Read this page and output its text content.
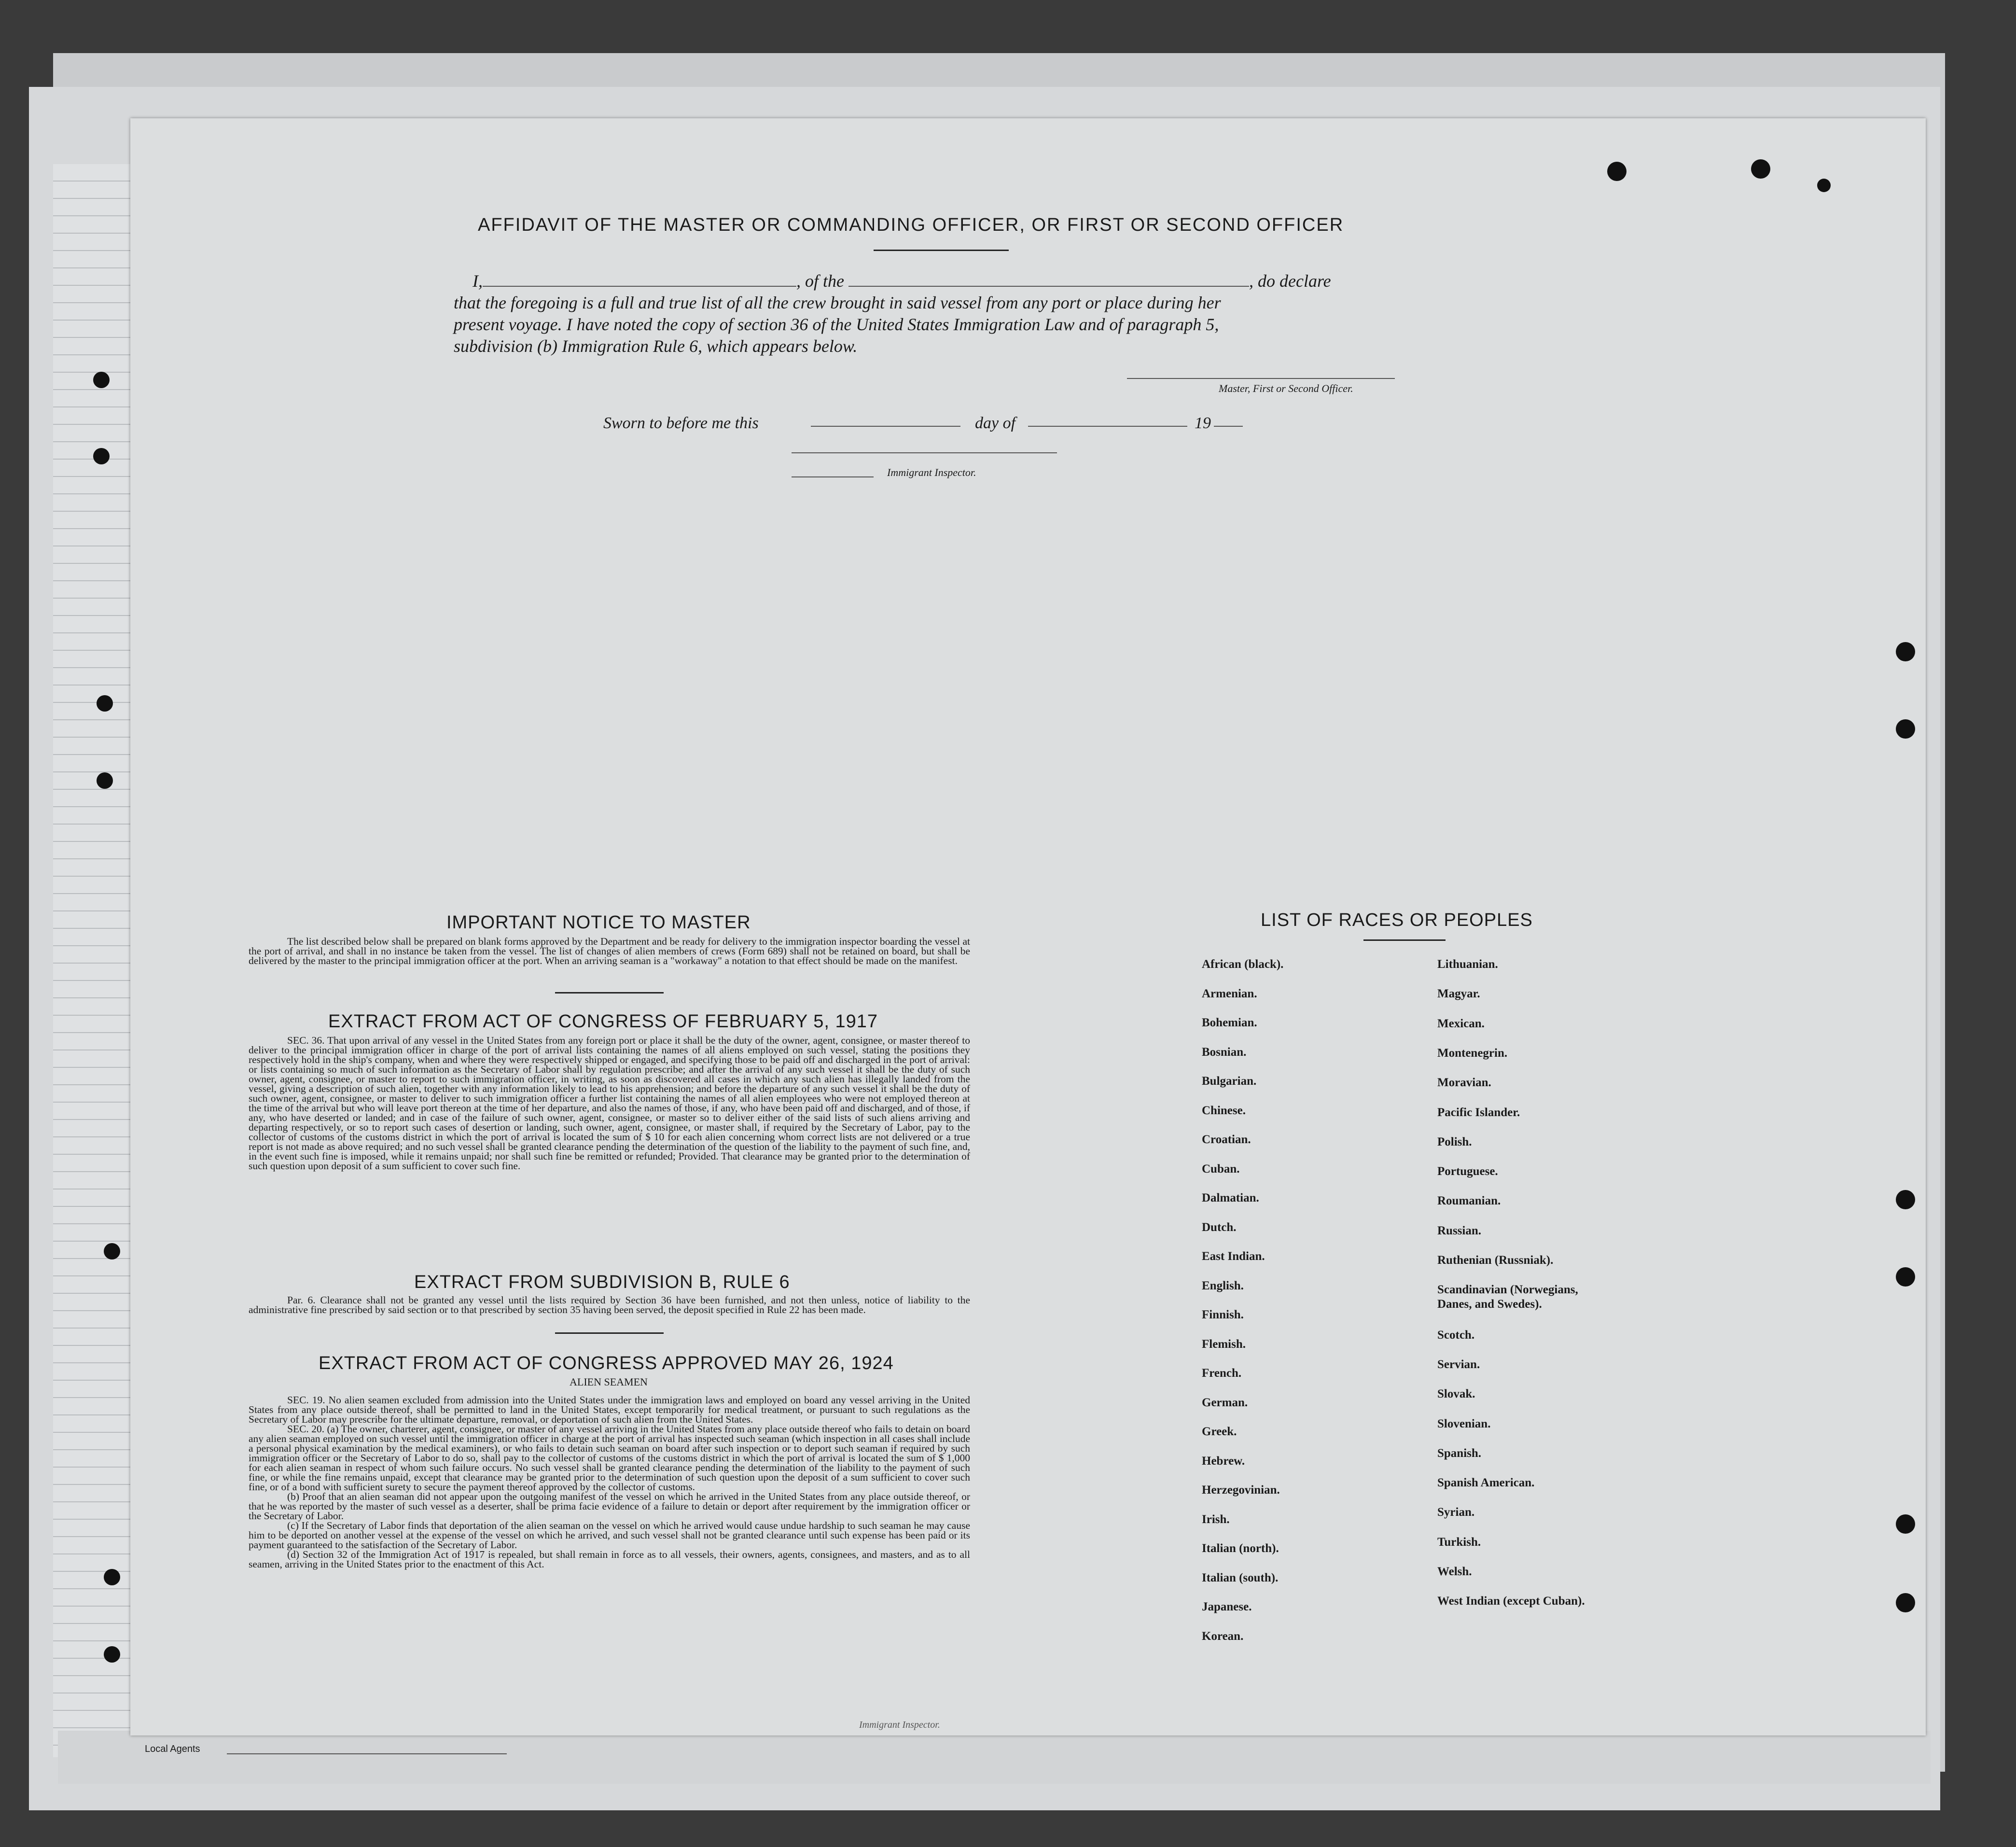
Local Agents
AFFIDAVIT OF THE MASTER OR COMMANDING OFFICER, OR FIRST OR SECOND OFFICER

I,	, of the	, do declare

that the foregoing is a full and true list of all the crew brought in said vessel from any port or place during her

present voyage. I have noted the copy of section 36 of the United States Immigration Law and of paragraph 5,

subdivision (b) Immigration Rule 6, which appears below.

Master, First or Second Officer.
Sworn to before me this	day of	19
Immigrant Inspector.
IMPORTANT NOTICE TO MASTER
The list described below shall be prepared on blank forms approved by the Department and be ready for delivery to the immigration inspector boarding the vessel at the port of arrival, and shall in no instance be taken from the vessel. The list of changes of alien members of crews (Form 689) shall not be retained on board, but shall be delivered by the master to the principal immigration officer at the port. When an arriving seaman is a "workaway" a notation to that effect should be made on the manifest.
EXTRACT FROM ACT OF CONGRESS OF FEBRUARY 5, 1917
SEC. 36. That upon arrival of any vessel in the United States from any foreign port or place it shall be the duty of the owner, agent, consignee, or master thereof to deliver to the principal immigration officer in charge of the port of arrival lists containing the names of all aliens employed on such vessel, stating the positions they respectively hold in the ship's company, when and where they were respectively shipped or engaged, and specifying those to be paid off and discharged in the port of arrival: or lists containing so much of such information as the Secretary of Labor shall by regulation prescribe; and after the arrival of any such vessel it shall be the duty of such owner, agent, consignee, or master to report to such immigration officer, in writing, as soon as discovered all cases in which any such alien has illegally landed from the vessel, giving a description of such alien, together with any information likely to lead to his apprehension; and before the departure of any such vessel it shall be the duty of such owner, agent, consignee, or master to deliver to such immigration officer a further list containing the names of all alien employees who were not employed thereon at the time of the arrival but who will leave port thereon at the time of her departure, and also the names of those, if any, who have been paid off and discharged, and of those, if any, who have deserted or landed; and in case of the failure of such owner, agent, consignee, or master so to deliver either of the said lists of such aliens arriving and departing respectively, or so to report such cases of desertion or landing, such owner, agent, consignee, or master shall, if required by the Secretary of Labor, pay to the collector of customs of the customs district in which the port of arrival is located the sum of $ 10 for each alien concerning whom correct lists are not delivered or a true report is not made as above required; and no such vessel shall be granted clearance pending the determination of the question of the liability to the payment of such fine, and, in the event such fine is imposed, while it remains unpaid; nor shall such fine be remitted or refunded; Provided. That clearance may be granted prior to the determination of such question upon deposit of a sum sufficient to cover such fine.
EXTRACT FROM SUBDIVISION B, RULE 6
Par. 6. Clearance shall not be granted any vessel until the lists required by Section 36 have been furnished, and not then unless, notice of liability to the administrative fine prescribed by said section or to that prescribed by section 35 having been served, the deposit specified in Rule 22 has been made.
EXTRACT FROM ACT OF CONGRESS APPROVED MAY 26, 1924
ALIEN SEAMEN
SEC. 19. No alien seamen excluded from admission into the United States under the immigration laws and employed on board any vessel arriving in the United States from any place outside thereof, shall be permitted to land in the United States, except temporarily for medical treatment, or pursuant to such regulations as the Secretary of Labor may prescribe for the ultimate departure, removal, or deportation of such alien from the United States.
SEC. 20. (a) The owner, charterer, agent, consignee, or master of any vessel arriving in the United States from any place outside thereof who fails to detain on board any alien seaman employed on such vessel until the immigration officer in charge at the port of arrival has inspected such seaman (which inspection in all cases shall include a personal physical examination by the medical examiners), or who fails to detain such seaman on board after such inspection or to deport such seaman if required by such immigration officer or the Secretary of Labor to do so, shall pay to the collector of customs of the customs district in which the port of arrival is located the sum of $ 1,000 for each alien seaman in respect of whom such failure occurs. No such vessel shall be granted clearance pending the determination of the liability to the payment of such fine, or while the fine remains unpaid, except that clearance may be granted prior to the determination of such question upon the deposit of a sum sufficient to cover such fine, or of a bond with sufficient surety to secure the payment thereof approved by the collector of customs.
(b) Proof that an alien seaman did not appear upon the outgoing manifest of the vessel on which he arrived in the United States from any place outside thereof, or that he was reported by the master of such vessel as a deserter, shall be prima facie evidence of a failure to detain or deport after requirement by the immigration officer or the Secretary of Labor.
(c) If the Secretary of Labor finds that deportation of the alien seaman on the vessel on which he arrived would cause undue hardship to such seaman he may cause him to be deported on another vessel at the expense of the vessel on which he arrived, and such vessel shall not be granted clearance until such expense has been paid or its payment guaranteed to the satisfaction of the Secretary of Labor.
(d) Section 32 of the Immigration Act of 1917 is repealed, but shall remain in force as to all vessels, their owners, agents, consignees, and masters, and as to all seamen, arriving in the United States prior to the enactment of this Act.
LIST OF RACES OR PEOPLES
African (black).
Armenian.
Bohemian.
Bosnian.
Bulgarian.
Chinese.
Croatian.
Cuban.
Dalmatian.
Dutch.
East Indian.
English.
Finnish.
Flemish.
French.
German.
Greek.
Hebrew.
Herzegovinian.
Irish.
Italian (north).
Italian (south).
Japanese.
Korean.
Lithuanian.
Magyar.
Mexican.
Montenegrin.
Moravian.
Pacific Islander.
Polish.
Portuguese.
Roumanian.
Russian.
Ruthenian (Russniak).
Scandinavian (Norwegians, Danes, and Swedes).
Scotch.
Servian.
Slovak.
Slovenian.
Spanish.
Spanish American.
Syrian.
Turkish.
Welsh.
West Indian (except Cuban).
Immigrant Inspector.
